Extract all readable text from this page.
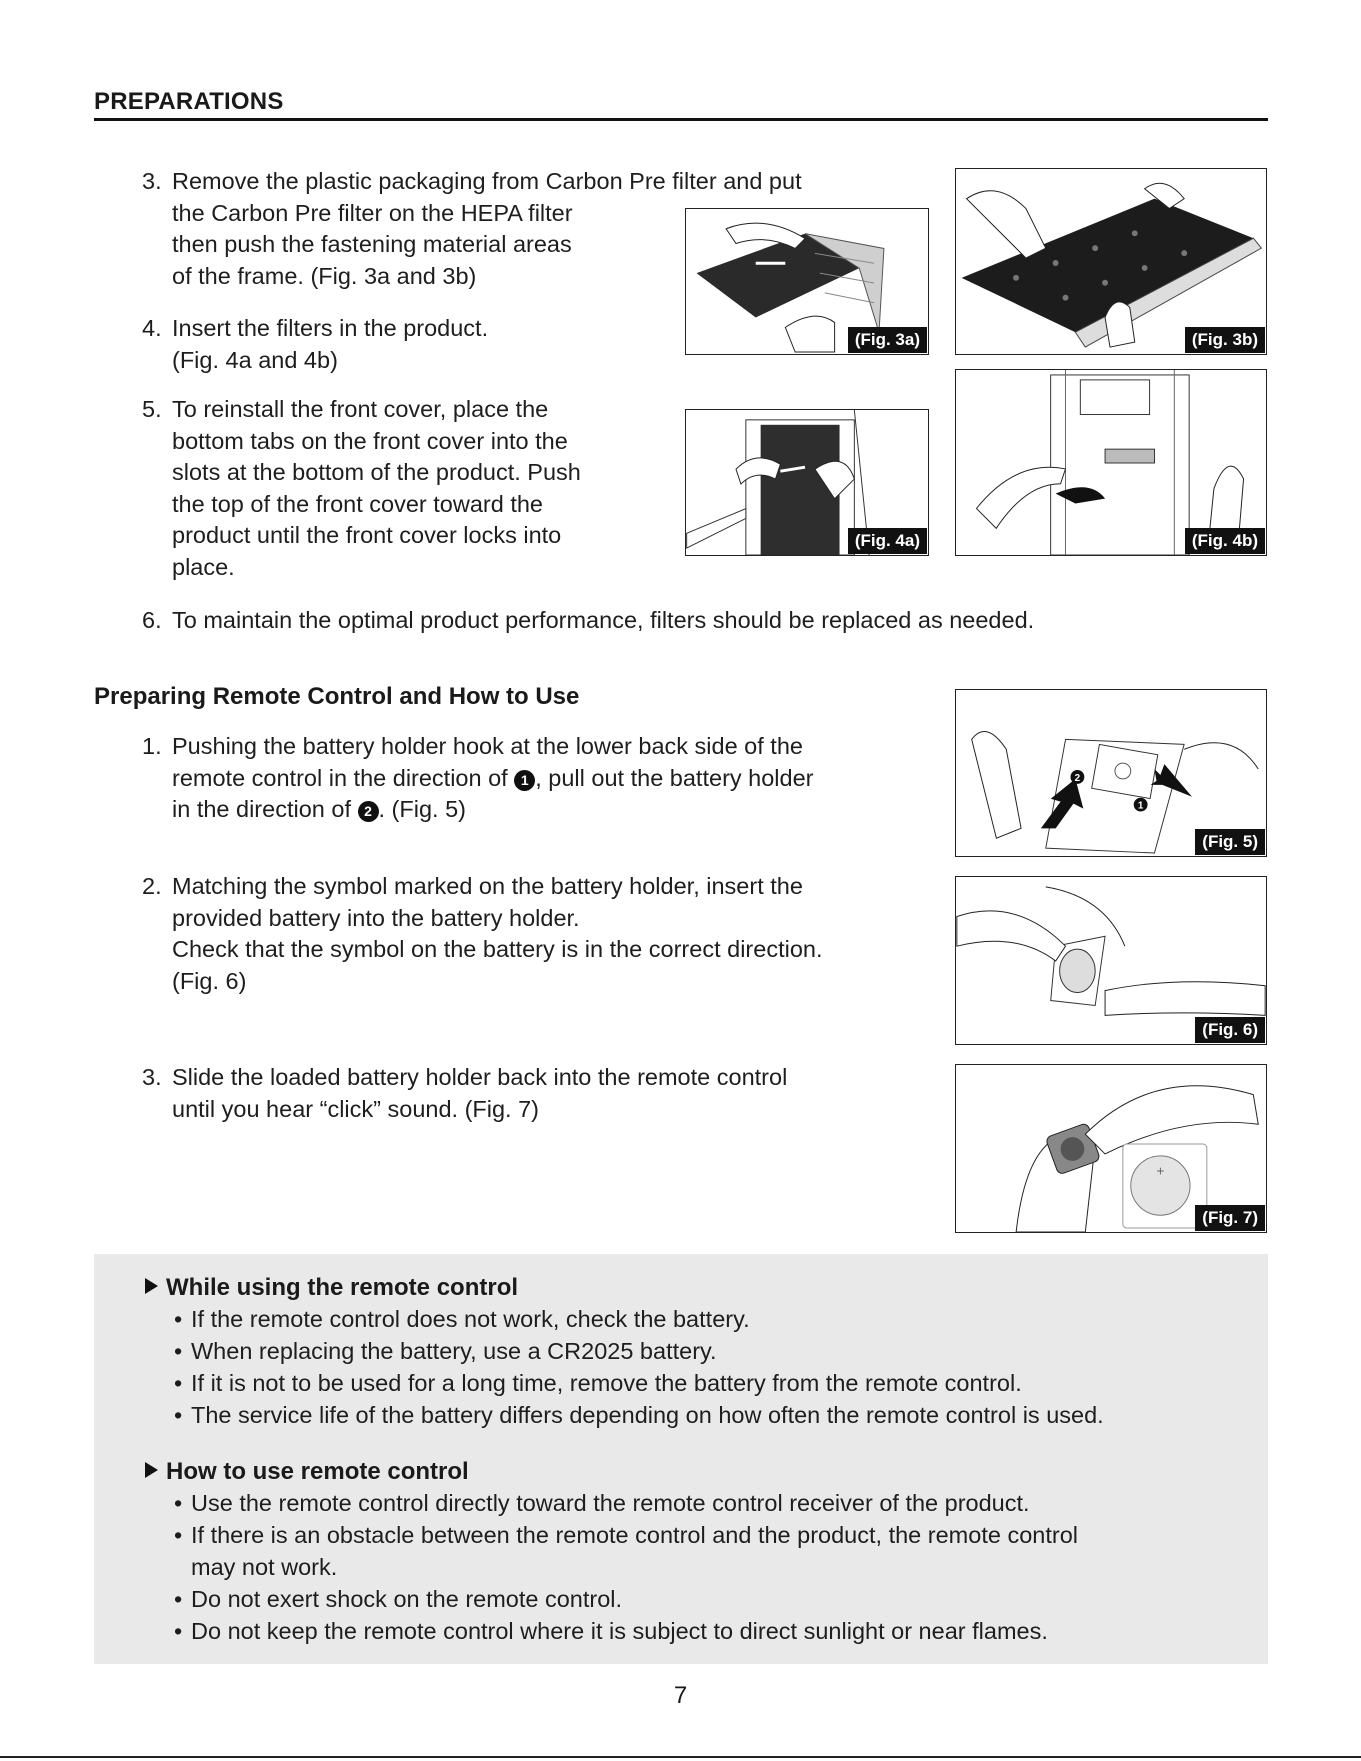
PREPARATIONS
3. Remove the plastic packaging from Carbon Pre filter and put
the Carbon Pre filter on the HEPA filter
then push the fastening material areas
of the frame. (Fig. 3a and 3b)
4. Insert the filters in the product.
(Fig. 4a and 4b)
5. To reinstall the front cover, place the
bottom tabs on the front cover into the
slots at the bottom of the product. Push
the top of the front cover toward the
product until the front cover locks into
place.
6. To maintain the optimal product performance, filters should be replaced as needed.
(Fig. 3a)	(Fig. 3b)
(Fig. 4a)	(Fig. 4b)
Preparing Remote Control and How to Use
1. Pushing the battery holder hook at the lower back side of the
remote control in the direction of 1 , pull out the battery holder
in the direction of 2 . (Fig. 5)
2. Matching the symbol marked on the battery holder, insert the
provided battery into the battery holder.
Check that the symbol on the battery is in the correct direction.
(Fig. 6)
3. Slide the loaded battery holder back into the remote control
until you hear “click” sound. (Fig. 7)
2
1
(Fig. 5)
(Fig. 6)
+
(Fig. 7)
While using the remote control
• If the remote control does not work, check the battery.
• When replacing the battery, use a CR2025 battery.
• If it is not to be used for a long time, remove the battery from the remote control.
• The service life of the battery differs depending on how often the remote control is used.
How to use remote control
• Use the remote control directly toward the remote control receiver of the product.
• If there is an obstacle between the remote control and the product, the remote control
may not work.
• Do not exert shock on the remote control.
• Do not keep the remote control where it is subject to direct sunlight or near flames.
7
